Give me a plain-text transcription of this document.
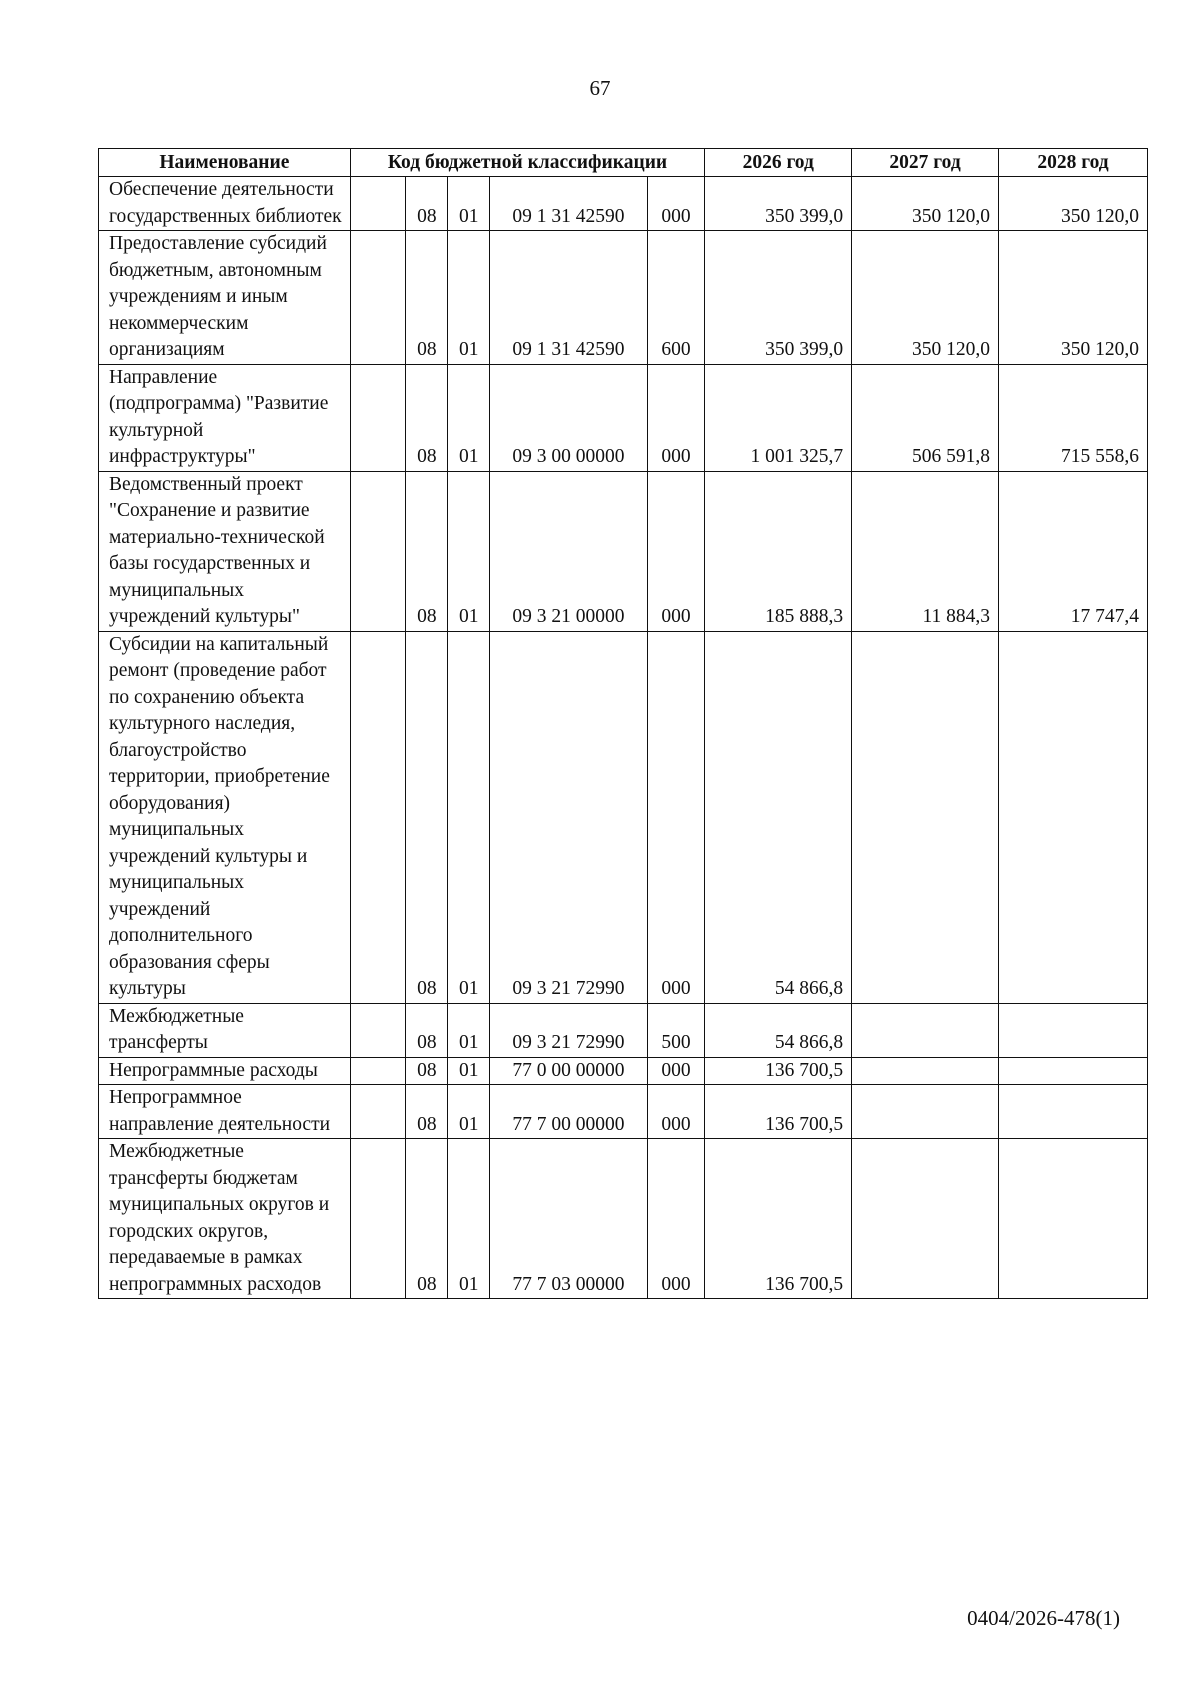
67
Наименование	Код бюджетной классификации					2026 год	2027 год	2028 год
Обеспечение деятельности государственных библиотек		08	01	09 1 31 42590	000	350 399,0	350 120,0	350 120,0
Предоставление субсидий бюджетным, автономным учреждениям и иным некоммерческим организациям		08	01	09 1 31 42590	600	350 399,0	350 120,0	350 120,0
Направление (подпрограмма) "Развитие культурной инфраструктуры"		08	01	09 3 00 00000	000	1 001 325,7	506 591,8	715 558,6
Ведомственный проект "Сохранение и развитие материально-технической базы государственных и муниципальных учреждений культуры"		08	01	09 3 21 00000	000	185 888,3	11 884,3	17 747,4
Субсидии на капитальный ремонт (проведение работ по сохранению объекта культурного наследия, благоустройство территории, приобретение оборудования) муниципальных учреждений культуры и муниципальных учреждений дополнительного образования сферы культуры		08	01	09 3 21 72990	000	54 866,8		
Межбюджетные трансферты		08	01	09 3 21 72990	500	54 866,8		
Непрограммные расходы		08	01	77 0 00 00000	000	136 700,5		
Непрограммное направление деятельности		08	01	77 7 00 00000	000	136 700,5		
Межбюджетные трансферты бюджетам муниципальных округов и городских округов, передаваемые в рамках непрограммных расходов		08	01	77 7 03 00000	000	136 700,5		
0404/2026-478(1)
